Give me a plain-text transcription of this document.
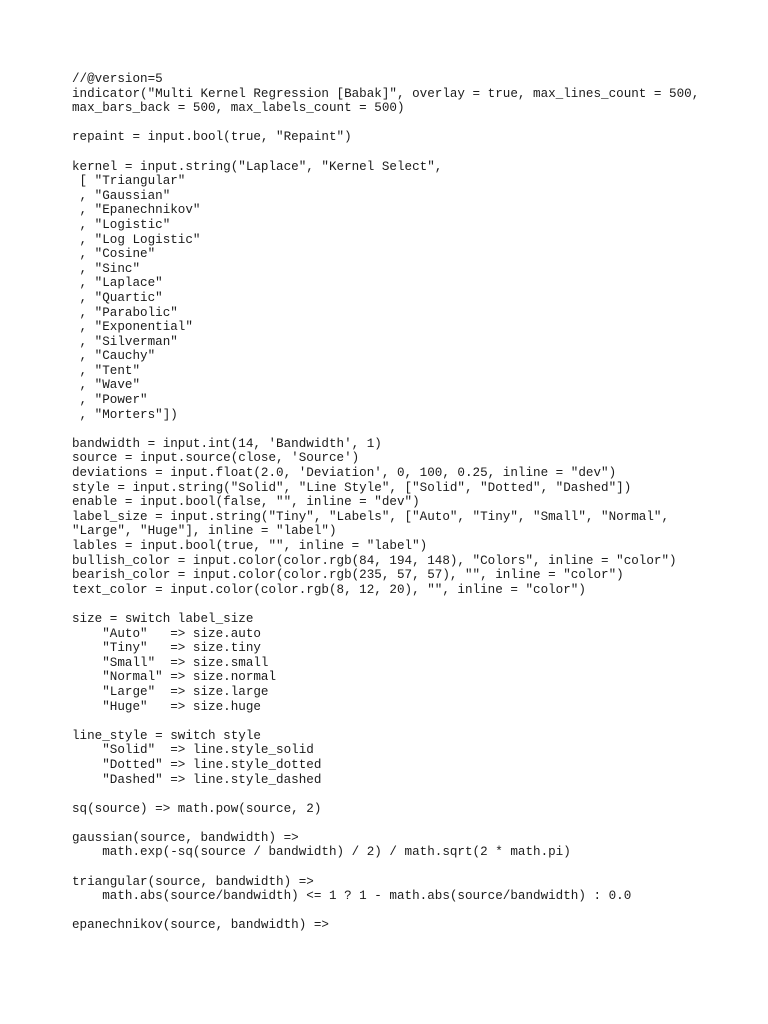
//@version=5
indicator("Multi Kernel Regression [Babak]", overlay = true, max_lines_count = 500,
max_bars_back = 500, max_labels_count = 500)
repaint = input.bool(true, "Repaint")
kernel = input.string("Laplace", "Kernel Select",
[ "Triangular"
, "Gaussian"
, "Epanechnikov"
, "Logistic"
, "Log Logistic"
, "Cosine"
, "Sinc"
, "Laplace"
, "Quartic"
, "Parabolic"
, "Exponential"
, "Silverman"
, "Cauchy"
, "Tent"
, "Wave"
, "Power"
, "Morters"])
bandwidth = input.int(14, 'Bandwidth', 1)
source = input.source(close, 'Source')
deviations = input.float(2.0, 'Deviation', 0, 100, 0.25, inline = "dev")
style = input.string("Solid", "Line Style", ["Solid", "Dotted", "Dashed"])
enable = input.bool(false, "", inline = "dev")
label_size = input.string("Tiny", "Labels", ["Auto", "Tiny", "Small", "Normal",
"Large", "Huge"], inline = "label")
lables = input.bool(true, "", inline = "label")
bullish_color = input.color(color.rgb(84, 194, 148), "Colors", inline = "color")
bearish_color = input.color(color.rgb(235, 57, 57), "", inline = "color")
text_color = input.color(color.rgb(8, 12, 20), "", inline = "color")
size = switch label_size
"Auto"   => size.auto
"Tiny"   => size.tiny
"Small"  => size.small
"Normal" => size.normal
"Large"  => size.large
"Huge"   => size.huge
line_style = switch style
"Solid"  => line.style_solid
"Dotted" => line.style_dotted
"Dashed" => line.style_dashed
sq(source) => math.pow(source, 2)
gaussian(source, bandwidth) =>
math.exp(-sq(source / bandwidth) / 2) / math.sqrt(2 * math.pi)
triangular(source, bandwidth) =>
math.abs(source/bandwidth) <= 1 ? 1 - math.abs(source/bandwidth) : 0.0
epanechnikov(source, bandwidth) =>
